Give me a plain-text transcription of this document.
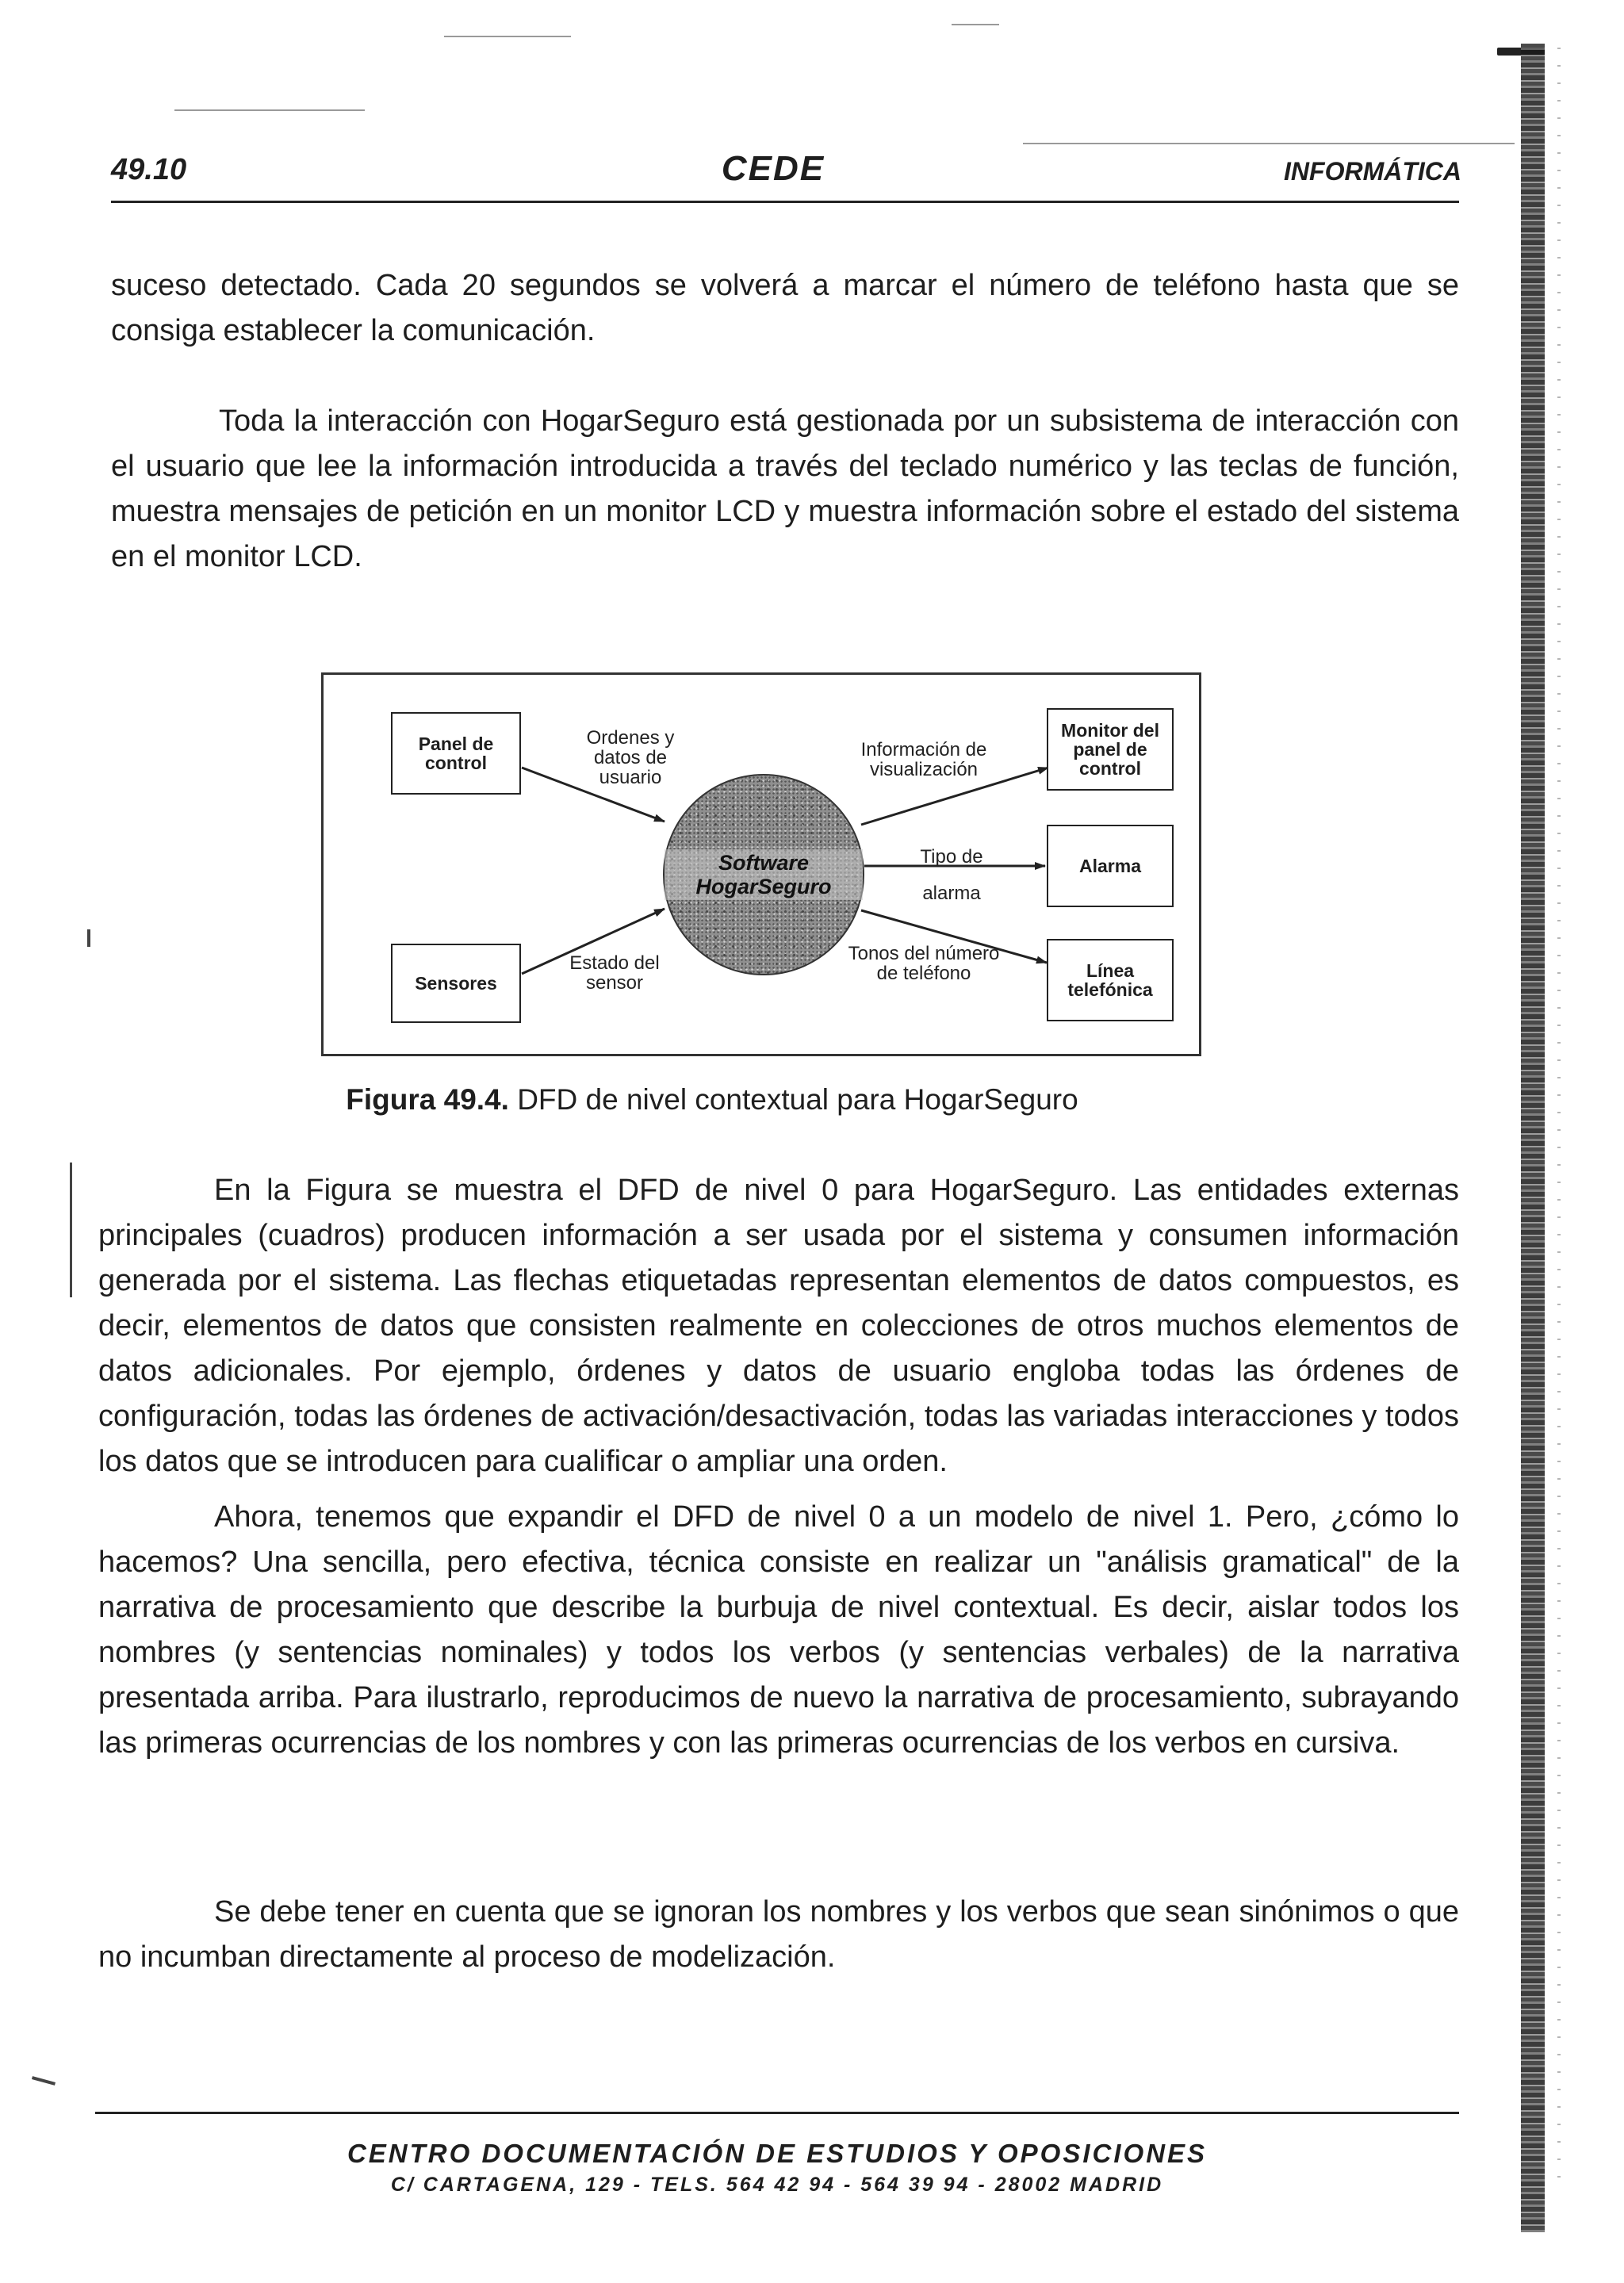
49.10	CEDE	INFORMÁTICA

suceso detectado. Cada 20 segundos se volverá a marcar el número de teléfono hasta que se consiga establecer la comunicación.

Toda la interacción con HogarSeguro está gestionada por un subsistema de interacción con el usuario que lee la información introducida a través del teclado numérico y las teclas de función, muestra mensajes de petición en un monitor LCD y muestra información sobre el estado del sistema en el monitor LCD.

Panel de control
Sensores
Monitor del panel de control
Alarma
Línea telefónica
Software HogarSeguro
Ordenes y datos de usuario
Estado del sensor
Información de visualización
Tipo de alarma
Tonos del número de teléfono
Figura 49.4. DFD de nivel contextual para HogarSeguro

En la Figura se muestra el DFD de nivel 0 para HogarSeguro. Las entidades externas principales (cuadros) producen información a ser usada por el sistema y consumen información generada por el sistema. Las flechas etiquetadas representan elementos de datos compuestos, es decir, elementos de datos que consisten realmente en colecciones de otros muchos elementos de datos adicionales. Por ejemplo, órdenes y datos de usuario engloba todas las órdenes de configuración, todas las órdenes de activación/desactivación, todas las variadas interacciones y todos los datos que se introducen para cualificar o ampliar una orden.

Ahora, tenemos que expandir el DFD de nivel 0 a un modelo de nivel 1. Pero, ¿cómo lo hacemos? Una sencilla, pero efectiva, técnica consiste en realizar un "análisis gramatical" de la narrativa de procesamiento que describe la burbuja de nivel contextual. Es decir, aislar todos los nombres (y sentencias nominales) y todos los verbos (y sentencias verbales) de la narrativa presentada arriba. Para ilustrarlo, reproducimos de nuevo la narrativa de procesamiento, subrayando las primeras ocurrencias de los nombres y con las primeras ocurrencias de los verbos en cursiva.

Se debe tener en cuenta que se ignoran los nombres y los verbos que sean sinónimos o que no incumban directamente al proceso de modelización.

CENTRO DOCUMENTACIÓN DE ESTUDIOS Y OPOSICIONES
C/ CARTAGENA, 129 - TELS. 564 42 94 - 564 39 94 - 28002 MADRID
